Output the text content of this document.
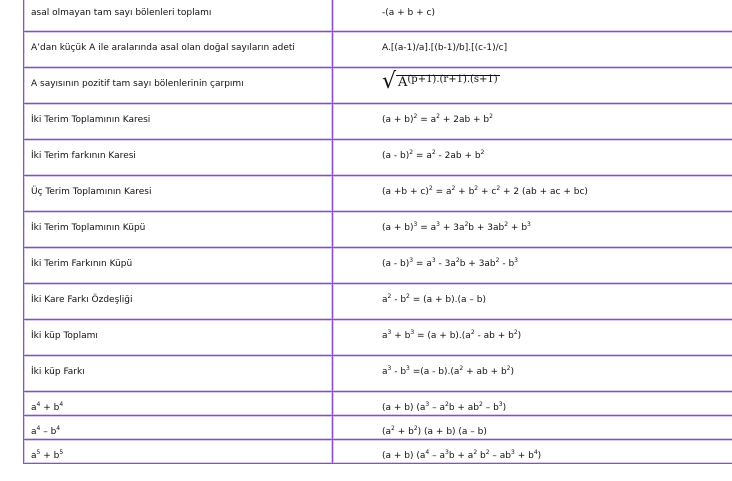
asal olmayan tam sayı bölenleri toplamı	-(a + b + c)
A’dan küçük A ile aralarında asal olan doğal sayıların adeti	A.[(a-1)/a].[(b-1)/b].[(c-1)/c]
A sayısının pozitif tam sayı bölenlerinin çarpımı	√ $A^{(p+1).(r+1).(s+1)}$
İki Terim Toplamının Karesi	$(a + b)^2 = a^2 + 2ab + b^2$
İki Terim farkının Karesi	$(a - b)^2 = a^2 - 2ab + b^2$
Üç Terim Toplamının Karesi	$(a +b + c)^2 = a^2 + b^2 + c^2 + 2$ (ab + ac + bc)
İki Terim Toplamının Küpü	$(a + b)^3 = a^3 + 3a^2b + 3ab^2 + b^3$
İki Terim Farkının Küpü	$(a - b)^3 = a^3 - 3a^2b + 3ab^2 - b^3$
İki Kare Farkı Özdeşliği	$a^2 - b^2 = (a + b).(a - b)$
İki küp Toplamı	$a^3 + b^3 = (a + b).(a^2$ - ab + $b^2$)
İki küp Farkı	$a^3 - b^3 =(a - b).(a^2$ + ab + $b^2$)
$a^4 + b^4$	(a + b) $(a^3 - a^2b + ab^2 - b^3)$
$a^4 - b^4$	$(a^2 + b^2) (a + b)$ (a – b)
$a^5 + b^5$	(a + b) ($a^4 - a^3b + a^2$ $b^2 - ab^3 + b^4$)
